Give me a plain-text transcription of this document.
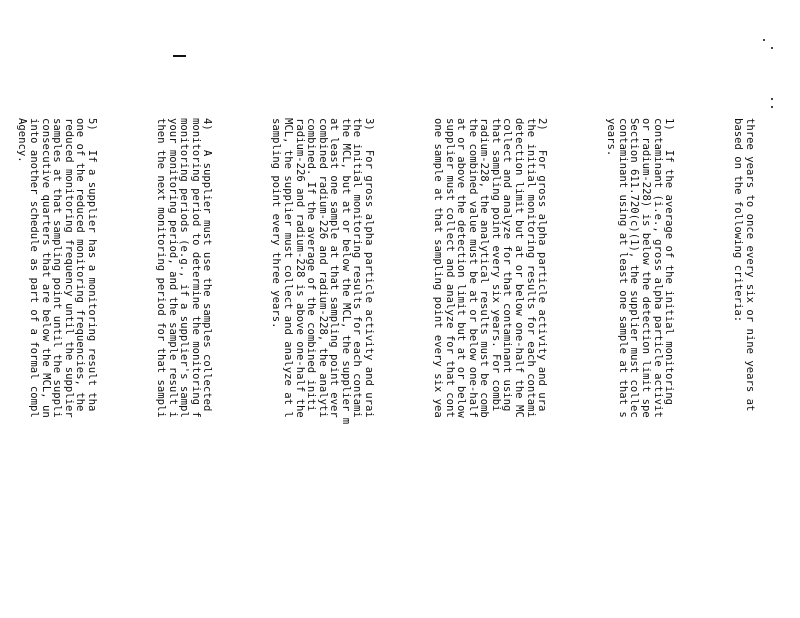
three years to once every six or nine years at
based on the following criteria:

1)   If the average of the initial monitoring
contaminant (i.e., gross alpha particle activit
or radium-228) is below the detection limit spe
Section 611.720(c)(1), the supplier must collec
contaminant using at least one sample at that s
years.

2)   For gross alpha particle activity and ura
the initial monitoring results for each contami
detection limit but at or below one-half the MC
collect and analyze for that contaminant using
that sampling point every six years. For combi
radium-228, the analytical results must be comb
the combined value must be at or below one-half
at or above the detection limit but at or below
supplier must collect and analyze for that cont
one sample at that sampling point every six yea

3)   For gross alpha particle activity and urai
the initial monitoring results for each contami
the MCL, but at or below the MCL, the supplier m
at least one sample at that sampling point ever
combined radium-226 and radium-228, the analyti
combined. If the average of the combined initi
radium-226 and radium-228 is above one-half the
MCL, the supplier must collect and analyze at l
sampling point every three years.

4)   A supplier must use the samples collected
monitoring period to determine the monitoring f
monitoring periods (e.g., if a supplier's sampl
your monitoring period, and the sample result i
then the next monitoring period for that sampli

5)   If a supplier has a monitoring result tha
one of the reduced monitoring frequencies, the
reduced monitoring frequency until the supplier
samples at that sampling point until the suppli
consecutive quarters that are below the MCL, un
into another schedule as part of a formal compl
Agency.
